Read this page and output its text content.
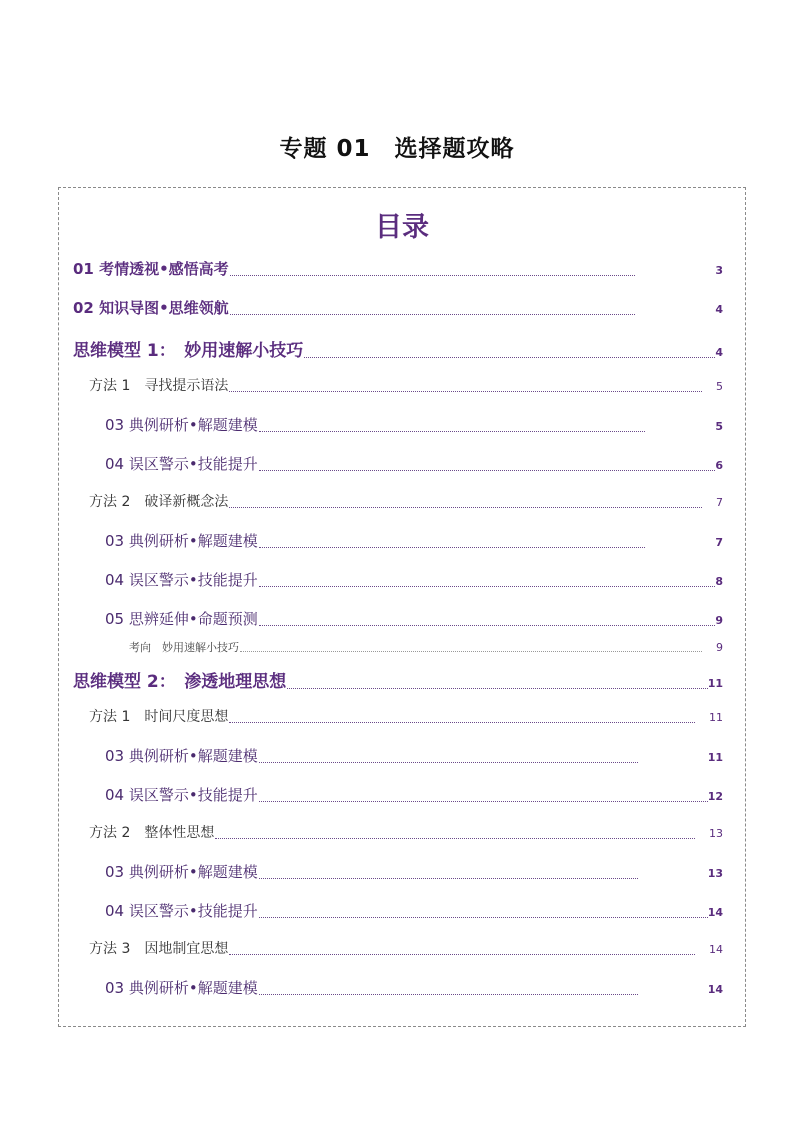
专题 01　选择题攻略
目录
01 考情透视•感悟高考	3
02 知识导图•思维领航	4
思维模型 1：　妙用速解小技巧	4
方法 1　寻找提示语法	5
03 典例研析•解题建模	5
04 误区警示•技能提升	6
方法 2　破译新概念法	7
03 典例研析•解题建模	7
04 误区警示•技能提升	8
05 思辨延伸•命题预测	9
考向　妙用速解小技巧	9
思维模型 2：　渗透地理思想	11
方法 1　时间尺度思想	11
03 典例研析•解题建模	11
04 误区警示•技能提升	12
方法 2　整体性思想	13
03 典例研析•解题建模	13
04 误区警示•技能提升	14
方法 3　因地制宜思想	14
03 典例研析•解题建模	14
